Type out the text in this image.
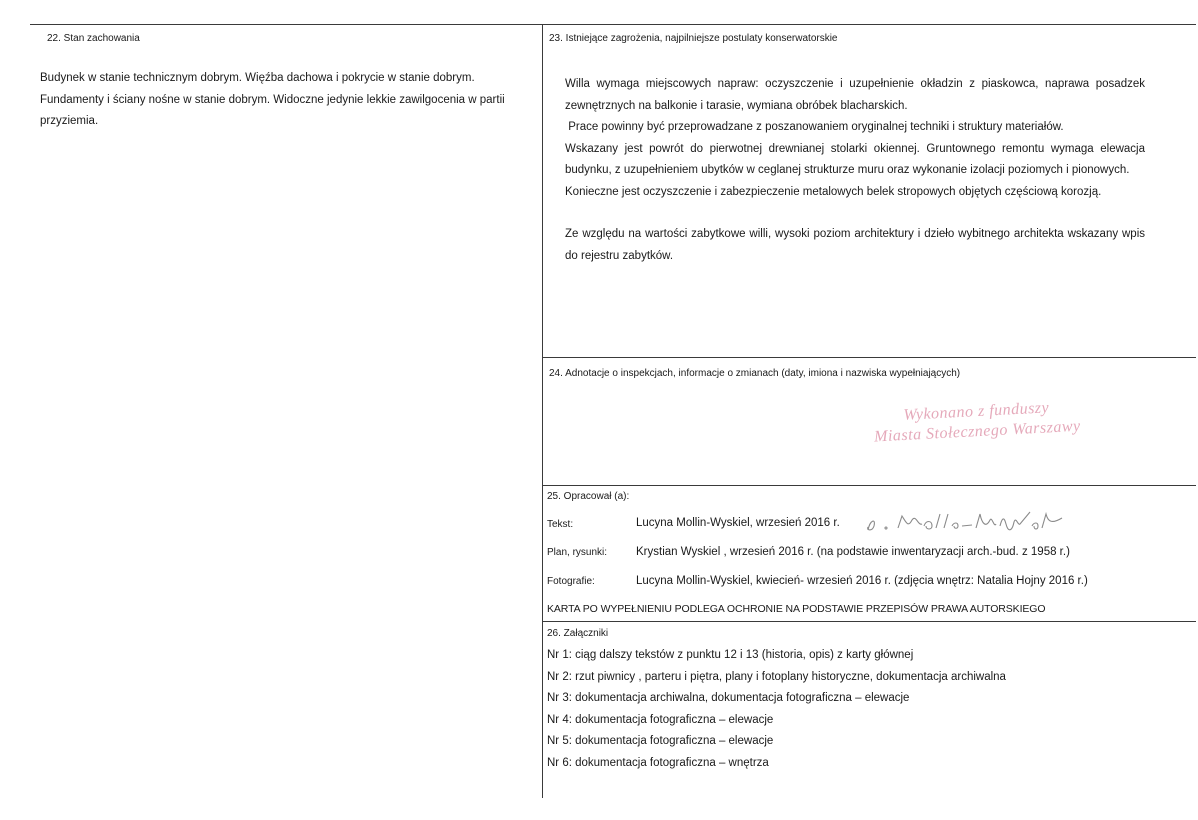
22. Stan zachowania
Budynek w stanie technicznym dobrym. Więźba dachowa i pokrycie w stanie dobrym. Fundamenty i ściany nośne w stanie dobrym. Widoczne jedynie lekkie zawilgocenia w partii przyziemia.
23. Istniejące zagrożenia, najpilniejsze postulaty konserwatorskie

Willa wymaga miejscowych napraw: oczyszczenie i uzupełnienie okładzin z piaskowca, naprawa posadzek zewnętrznych na balkonie i tarasie, wymiana obróbek blacharskich.

Prace powinny być przeprowadzane z poszanowaniem oryginalnej techniki i struktury materiałów.

Wskazany jest powrót do pierwotnej drewnianej stolarki okiennej. Gruntownego remontu wymaga elewacja budynku, z uzupełnieniem ubytków w ceglanej strukturze muru oraz wykonanie izolacji poziomych i pionowych.

Konieczne jest oczyszczenie i zabezpieczenie metalowych belek stropowych objętych częściową korozją.

Ze względu na wartości zabytkowe willi, wysoki poziom architektury i dzieło wybitnego architekta wskazany wpis do rejestru zabytków.

24. Adnotacje o inspekcjach, informacje o zmianach (daty, imiona i nazwiska wypełniających)
Wykonano z funduszy
Miasta Stołecznego Warszawy
25. Opracował (a):
Tekst:	Lucyna Mollin-Wyskiel, wrzesień 2016 r.
Plan, rysunki:	Krystian Wyskiel , wrzesień 2016 r. (na podstawie inwentaryzacji arch.-bud. z 1958 r.)
Fotografie:	Lucyna Mollin-Wyskiel, kwiecień- wrzesień 2016 r. (zdjęcia wnętrz: Natalia Hojny 2016 r.)
KARTA PO WYPEŁNIENIU PODLEGA OCHRONIE NA PODSTAWIE PRZEPISÓW PRAWA AUTORSKIEGO
26. Załączniki
Nr 1: ciąg dalszy tekstów z punktu 12 i 13 (historia, opis) z karty głównej
Nr 2: rzut piwnicy , parteru i piętra, plany i fotoplany historyczne, dokumentacja archiwalna
Nr 3: dokumentacja archiwalna, dokumentacja fotograficzna – elewacje
Nr 4: dokumentacja fotograficzna – elewacje
Nr 5: dokumentacja fotograficzna – elewacje
Nr 6: dokumentacja fotograficzna – wnętrza
